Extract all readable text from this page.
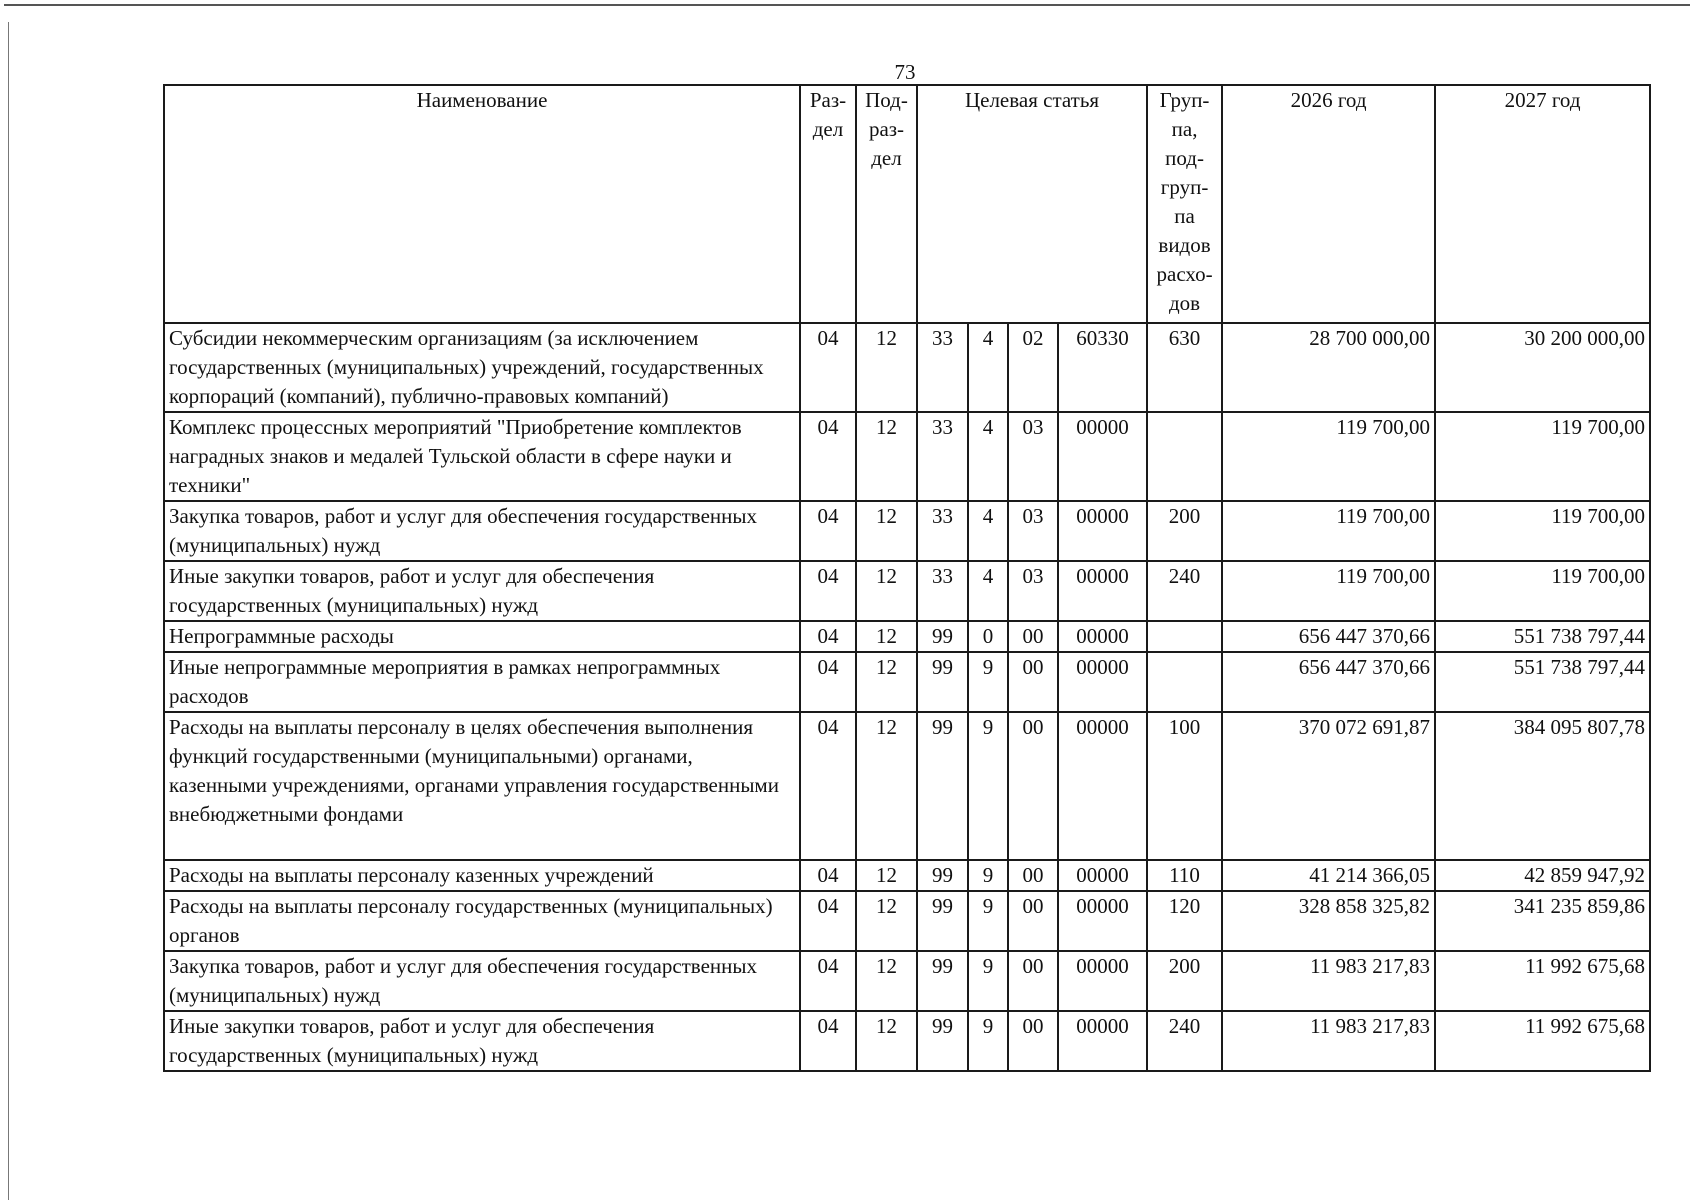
73
Наименование	Раз-дел	Под-раз-дел	Целевая статья				Груп-па, под-груп-па видов расхо-дов	2026 год	2027 год
Субсидии некоммерческим организациям (за исключением государственных (муниципальных) учреждений, государственных корпораций (компаний), публично-правовых компаний)	04	12	33	4	02	60330	630	28 700 000,00	30 200 000,00
Комплекс процессных мероприятий "Приобретение комплектов наградных знаков и медалей Тульской области в сфере науки и техники"	04	12	33	4	03	00000		119 700,00	119 700,00
Закупка товаров, работ и услуг для обеспечения государственных (муниципальных) нужд	04	12	33	4	03	00000	200	119 700,00	119 700,00
Иные закупки товаров, работ и услуг для обеспечения государственных (муниципальных) нужд	04	12	33	4	03	00000	240	119 700,00	119 700,00
Непрограммные расходы	04	12	99	0	00	00000		656 447 370,66	551 738 797,44
Иные непрограммные мероприятия в рамках непрограммных расходов	04	12	99	9	00	00000		656 447 370,66	551 738 797,44
Расходы на выплаты персоналу в целях обеспечения выполнения функций государственными (муниципальными) органами, казенными учреждениями, органами управления государственными внебюджетными фондами	04	12	99	9	00	00000	100	370 072 691,87	384 095 807,78
Расходы на выплаты персоналу казенных учреждений	04	12	99	9	00	00000	110	41 214 366,05	42 859 947,92
Расходы на выплаты персоналу государственных (муниципальных) органов	04	12	99	9	00	00000	120	328 858 325,82	341 235 859,86
Закупка товаров, работ и услуг для обеспечения государственных (муниципальных) нужд	04	12	99	9	00	00000	200	11 983 217,83	11 992 675,68
Иные закупки товаров, работ и услуг для обеспечения государственных (муниципальных) нужд	04	12	99	9	00	00000	240	11 983 217,83	11 992 675,68
